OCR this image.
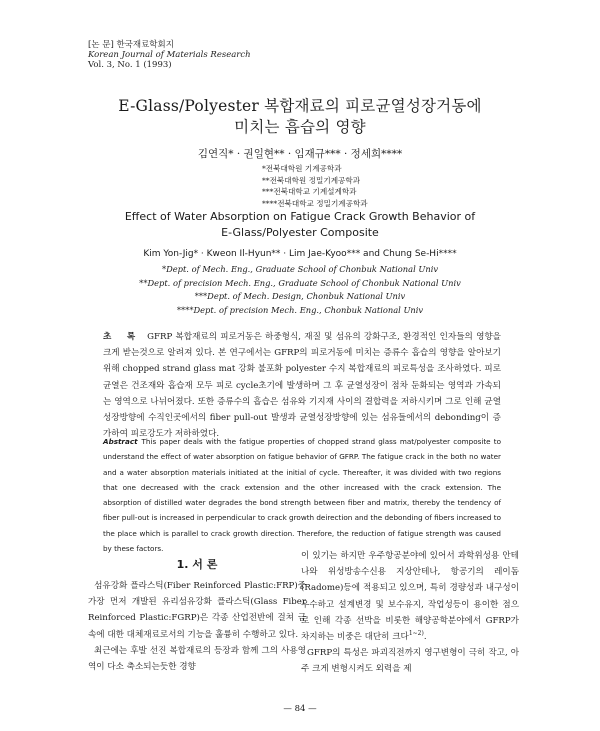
[논 문] 한국재료학회지
Korean Journal of Materials Research
Vol. 3, No. 1 (1993)
E-Glass/Polyester 복합재료의 피로균열성장거동에
미치는 흡습의 영향
김연직* · 권일현** · 임재규*** · 정세희****
*전북대학원 기계공학과
**전북대학원 정밀기계공학과
***전북대학교 기계설계학과
****전북대학교 정밀기계공학과
Effect of Water Absorption on Fatigue Crack Growth Behavior of
E-Glass/Polyester Composite
Kim Yon-Jig* · Kweon Il-Hyun** · Lim Jae-Kyoo*** and Chung Se-Hi****
*Dept. of Mech. Eng., Graduate School of Chonbuk National Univ
**Dept. of precision Mech. Eng., Graduate School of Chonbuk National Univ
***Dept. of Mech. Design, Chonbuk National Univ
****Dept. of precision Mech. Eng., Chonbuk National Univ
초 록 GFRP 복합재료의 피로거동은 하중형식, 재질 및 섬유의 강화구조, 환경적인 인자들의 영향을 크게 받는것으로 알려져 있다. 본 연구에서는 GFRP의 피로거동에 미치는 증류수 흡습의 영향을 알아보기 위해 chopped strand glass mat 강화 불포화 polyester 수지 복합재료의 피로특성을 조사하였다. 피로균열은 건조재와 흡습재 모두 피로 cycle초기에 발생하며 그 후 균열성장이 점차 둔화되는 영역과 가속되는 영역으로 나뉘어졌다. 또한 증류수의 흡습은 섬유와 기지재 사이의 결합력을 저하시키며 그로 인해 균열성장방향에 수직인곳에서의 fiber pull-out 발생과 균열성장방향에 있는 섬유들에서의 debonding이 증가하여 피로강도가 저하하였다.
Abstract This paper deals with the fatigue properties of chopped strand glass mat/polyester composite to understand the effect of water absorption on fatigue behavior of GFRP. The fatigue crack in the both no water and a water absorption materials initiated at the initial of cycle. Thereafter, it was divided with two regions that one decreased with the crack extension and the other increased with the crack extension. The absorption of distilled water degrades the bond strength between fiber and matrix, thereby the tendency of fiber pull-out is increased in perpendicular to crack growth deirection and the debonding of fibers increased to the place which is parallel to crack growth direction. Therefore, the reduction of fatigue strength was caused by these factors.
1. 서 론

섬유강화 플라스틱(Fiber Reinforced Plastic:FRP)중 가장 먼저 개발된 유리섬유강화 플라스틱(Glass Fiber Reinforced Plastic:FGRP)은 각종 산업전반에 걸쳐 금속에 대한 대체재료로서의 기능을 훌륭히 수행하고 있다.

최근에는 후발 선진 복합재료의 등장과 함께 그의 사용영역이 다소 축소되는듯한 경향

이 있기는 하지만 우주항공분야에 있어서 과학위성용 안테나와 위성방송수신용 지상안테나, 항공기의 레이돔(Radome)등에 적용되고 있으며, 특히 경량성과 내구성이 우수하고 설계변경 및 보수유지, 작업성등이 용이한 점으로 인해 각종 선박을 비롯한 해양공학분야에서 GFRP가 차지하는 비중은 대단히 크다$^{1\sim 2)}$.

GFRP의 특성은 파괴직전까지 영구변형이 극히 작고, 아주 크게 변형시켜도 외력을 제

— 84 —
